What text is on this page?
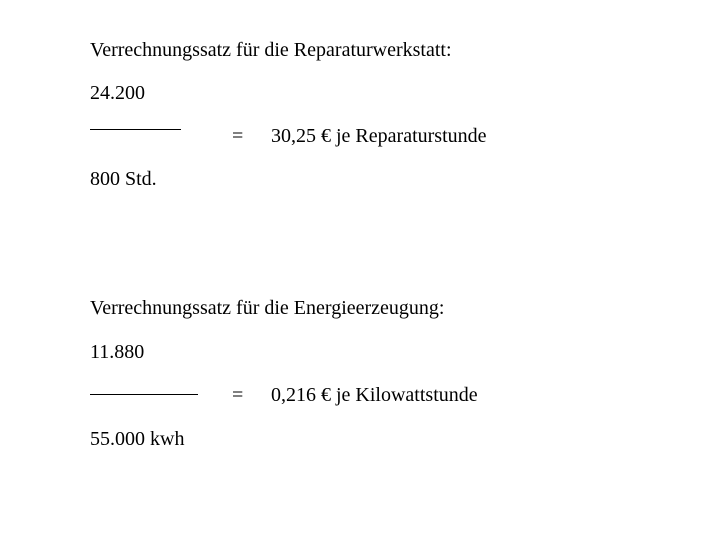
Verrechnungssatz für die Reparaturwerkstatt:
24.200
= 30,25 € je Reparaturstunde
800 Std.
Verrechnungssatz für die Energieerzeugung:
11.880
= 0,216 € je Kilowattstunde
55.000 kwh
